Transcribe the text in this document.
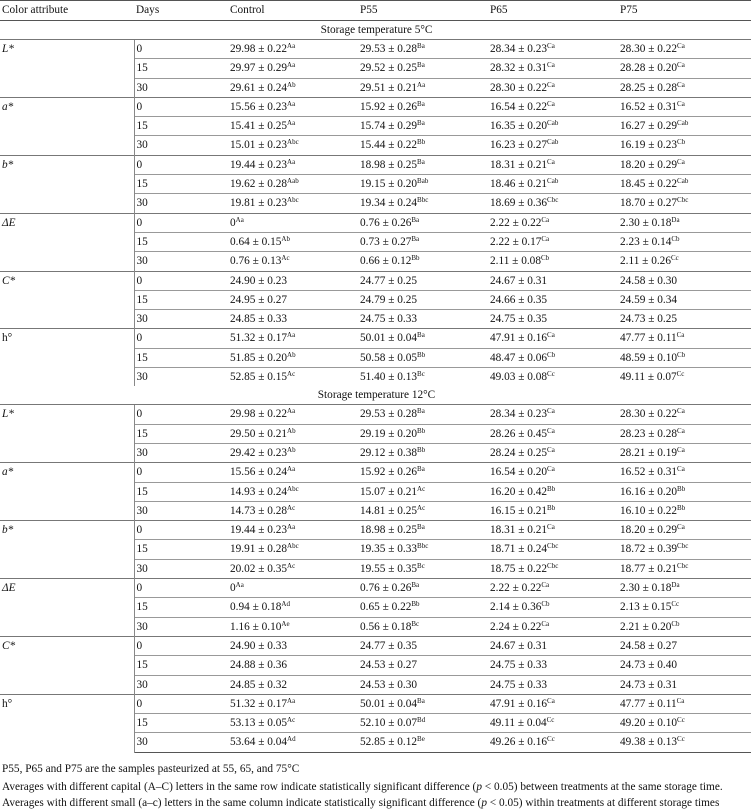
Color attribute	Days	Control	P55	P65	P75
Storage temperature 5°C					
L*	0	$29.98 \pm 0.22^{Aa}$	$29.53 \pm 0.28^{Ba}$	$28.34 \pm 0.23^{Ca}$	$28.30 \pm 0.22^{Ca}$
	15	$29.97 \pm 0.29^{Aa}$	$29.52 \pm 0.25^{Ba}$	$28.32 \pm 0.31^{Ca}$	$28.28 \pm 0.20^{Ca}$
	30	$29.61 \pm 0.24^{Ab}$	$29.51 \pm 0.21^{Aa}$	$28.30 \pm 0.22^{Ca}$	$28.25 \pm 0.28^{Ca}$
a*	0	$15.56 \pm 0.23^{Aa}$	$15.92 \pm 0.26^{Ba}$	$16.54 \pm 0.22^{Ca}$	$16.52 \pm 0.31^{Ca}$
	15	$15.41 \pm 0.25^{Aa}$	$15.74 \pm 0.29^{Ba}$	$16.35 \pm 0.20^{Cab}$	$16.27 \pm 0.29^{Cab}$
	30	$15.01 \pm 0.23^{Abc}$	$15.44 \pm 0.22^{Bb}$	$16.23 \pm 0.27^{Cab}$	$16.19 \pm 0.23^{Cb}$
b*	0	$19.44 \pm 0.23^{Aa}$	$18.98 \pm 0.25^{Ba}$	$18.31 \pm 0.21^{Ca}$	$18.20 \pm 0.29^{Ca}$
	15	$19.62 \pm 0.28^{Aab}$	$19.15 \pm 0.20^{Bab}$	$18.46 \pm 0.21^{Cab}$	$18.45 \pm 0.22^{Cab}$
	30	$19.81 \pm 0.23^{Abc}$	$19.34 \pm 0.24^{Bbc}$	$18.69 \pm 0.36^{Cbc}$	$18.70 \pm 0.27^{Cbc}$
ΔE	0	$0^{Aa}$	$0.76 \pm 0.26^{Ba}$	$2.22 \pm 0.22^{Ca}$	$2.30 \pm 0.18^{Da}$
	15	$0.64 \pm 0.15^{Ab}$	$0.73 \pm 0.27^{Ba}$	$2.22 \pm 0.17^{Ca}$	$2.23 \pm 0.14^{Cb}$
	30	$0.76 \pm 0.13^{Ac}$	$0.66 \pm 0.12^{Bb}$	$2.11 \pm 0.08^{Cb}$	$2.11 \pm 0.26^{Cc}$
C*	0	24.90 ± 0.23	24.77 ± 0.25	24.67 ± 0.31	24.58 ± 0.30
	15	24.95 ± 0.27	24.79 ± 0.25	24.66 ± 0.35	24.59 ± 0.34
	30	24.85 ± 0.33	24.75 ± 0.33	24.75 ± 0.35	24.73 ± 0.25
h°	0	$51.32 \pm 0.17^{Aa}$	$50.01 \pm 0.04^{Ba}$	$47.91 \pm 0.16^{Ca}$	$47.77 \pm 0.11^{Ca}$
	15	$51.85 \pm 0.20^{Ab}$	$50.58 \pm 0.05^{Bb}$	$48.47 \pm 0.06^{Cb}$	$48.59 \pm 0.10^{Cb}$
	30	$52.85 \pm 0.15^{Ac}$	$51.40 \pm 0.13^{Bc}$	$49.03 \pm 0.08^{Cc}$	$49.11 \pm 0.07^{Cc}$
Storage temperature 12°C					
L*	0	$29.98 \pm 0.22^{Aa}$	$29.53 \pm 0.28^{Ba}$	$28.34 \pm 0.23^{Ca}$	$28.30 \pm 0.22^{Ca}$
	15	$29.50 \pm 0.21^{Ab}$	$29.19 \pm 0.20^{Bb}$	$28.26 \pm 0.45^{Ca}$	$28.23 \pm 0.28^{Ca}$
	30	$29.42 \pm 0.23^{Ab}$	$29.12 \pm 0.38^{Bb}$	$28.24 \pm 0.25^{Ca}$	$28.21 \pm 0.19^{Ca}$
a*	0	$15.56 \pm 0.24^{Aa}$	$15.92 \pm 0.26^{Ba}$	$16.54 \pm 0.20^{Ca}$	$16.52 \pm 0.31^{Ca}$
	15	$14.93 \pm 0.24^{Abc}$	$15.07 \pm 0.21^{Ac}$	$16.20 \pm 0.42^{Bb}$	$16.16 \pm 0.20^{Bb}$
	30	$14.73 \pm 0.28^{Ac}$	$14.81 \pm 0.25^{Ac}$	$16.15 \pm 0.21^{Bb}$	$16.10 \pm 0.22^{Bb}$
b*	0	$19.44 \pm 0.23^{Aa}$	$18.98 \pm 0.25^{Ba}$	$18.31 \pm 0.21^{Ca}$	$18.20 \pm 0.29^{Ca}$
	15	$19.91 \pm 0.28^{Abc}$	$19.35 \pm 0.33^{Bbc}$	$18.71 \pm 0.24^{Cbc}$	$18.72 \pm 0.39^{Cbc}$
	30	$20.02 \pm 0.35^{Ac}$	$19.55 \pm 0.35^{Bc}$	$18.75 \pm 0.22^{Cbc}$	$18.77 \pm 0.21^{Cbc}$
ΔE	0	$0^{Aa}$	$0.76 \pm 0.26^{Ba}$	$2.22 \pm 0.22^{Ca}$	$2.30 \pm 0.18^{Da}$
	15	$0.94 \pm 0.18^{Ad}$	$0.65 \pm 0.22^{Bb}$	$2.14 \pm 0.36^{Cb}$	$2.13 \pm 0.15^{Cc}$
	30	$1.16 \pm 0.10^{Ae}$	$0.56 \pm 0.18^{Bc}$	$2.24 \pm 0.22^{Ca}$	$2.21 \pm 0.20^{Cb}$
C*	0	24.90 ± 0.33	24.77 ± 0.35	24.67 ± 0.31	24.58 ± 0.27
	15	24.88 ± 0.36	24.53 ± 0.27	24.75 ± 0.33	24.73 ± 0.40
	30	24.85 ± 0.32	24.53 ± 0.30	24.75 ± 0.33	24.73 ± 0.31
h°	0	$51.32 \pm 0.17^{Aa}$	$50.01 \pm 0.04^{Ba}$	$47.91 \pm 0.16^{Ca}$	$47.77 \pm 0.11^{Ca}$
	15	$53.13 \pm 0.05^{Ac}$	$52.10 \pm 0.07^{Bd}$	$49.11 \pm 0.04^{Cc}$	$49.20 \pm 0.10^{Cc}$
	30	$53.64 \pm 0.04^{Ad}$	$52.85 \pm 0.12^{Be}$	$49.26 \pm 0.16^{Cc}$	$49.38 \pm 0.13^{Cc}$

P55, P65 and P75 are the samples pasteurized at 55, 65, and 75°C

Averages with different capital (A–C) letters in the same row indicate statistically significant difference (p < 0.05) between treatments at the same storage time. Averages with different small (a–c) letters in the same column indicate statistically significant difference (p < 0.05) within treatments at different storage times
